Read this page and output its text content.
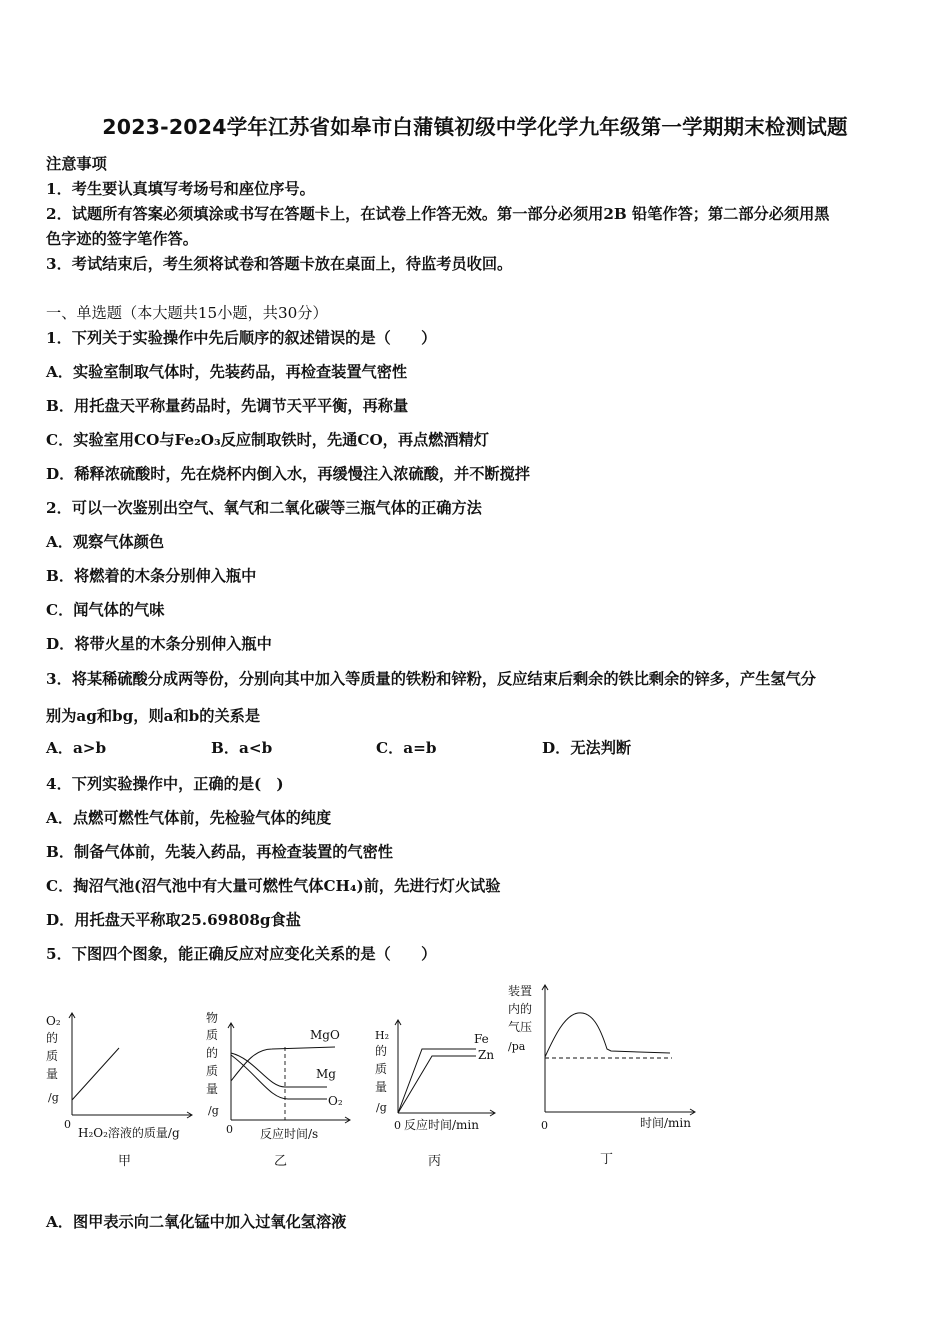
2023-2024学年江苏省如皋市白蒲镇初级中学化学九年级第一学期期末检测试题
注意事项
1．考生要认真填写考场号和座位序号。
2．试题所有答案必须填涂或书写在答题卡上，在试卷上作答无效。第一部分必须用2B 铅笔作答；第二部分必须用黑
色字迹的签字笔作答。
3．考试结束后，考生须将试卷和答题卡放在桌面上，待监考员收回。
一、单选题（本大题共15小题，共30分）
1．下列关于实验操作中先后顺序的叙述错误的是（　　）
A．实验室制取气体时，先装药品，再检查装置气密性
B．用托盘天平称量药品时，先调节天平平衡，再称量
C．实验室用CO与Fe₂O₃反应制取铁时，先通CO，再点燃酒精灯
D．稀释浓硫酸时，先在烧杯内倒入水，再缓慢注入浓硫酸，并不断搅拌
2．可以一次鉴别出空气、氧气和二氧化碳等三瓶气体的正确方法
A．观察气体颜色
B．将燃着的木条分别伸入瓶中
C．闻气体的气味
D．将带火星的木条分别伸入瓶中
3．将某稀硫酸分成两等份，分别向其中加入等质量的铁粉和锌粉，反应结束后剩余的铁比剩余的锌多，产生氢气分
别为ag和bg，则a和b的关系是
A．a>b	B．a<b	C．a=b	D．无法判断
4．下列实验操作中，正确的是(　)
A．点燃可燃性气体前，先检验气体的纯度
B．制备气体前，先装入药品，再检查装置的气密性
C．掏沼气池(沼气池中有大量可燃性气体CH₄)前，先进行灯火试验
D．用托盘天平称取25.69808g食盐
5．下图四个图象，能正确反应对应变化关系的是（　　）
O₂
的
质
量
/g
0
H₂O₂溶液的质量/g
甲
物
质
的
质
量
/g
MgO
Mg
O₂
0 反应时间/s
乙
H₂
的
质
量
/g
Fe
Zn
0 反应时间/min
丙
装置
内的
气压
/pa
0	时间/min
丁
A．图甲表示向二氧化锰中加入过氧化氢溶液
